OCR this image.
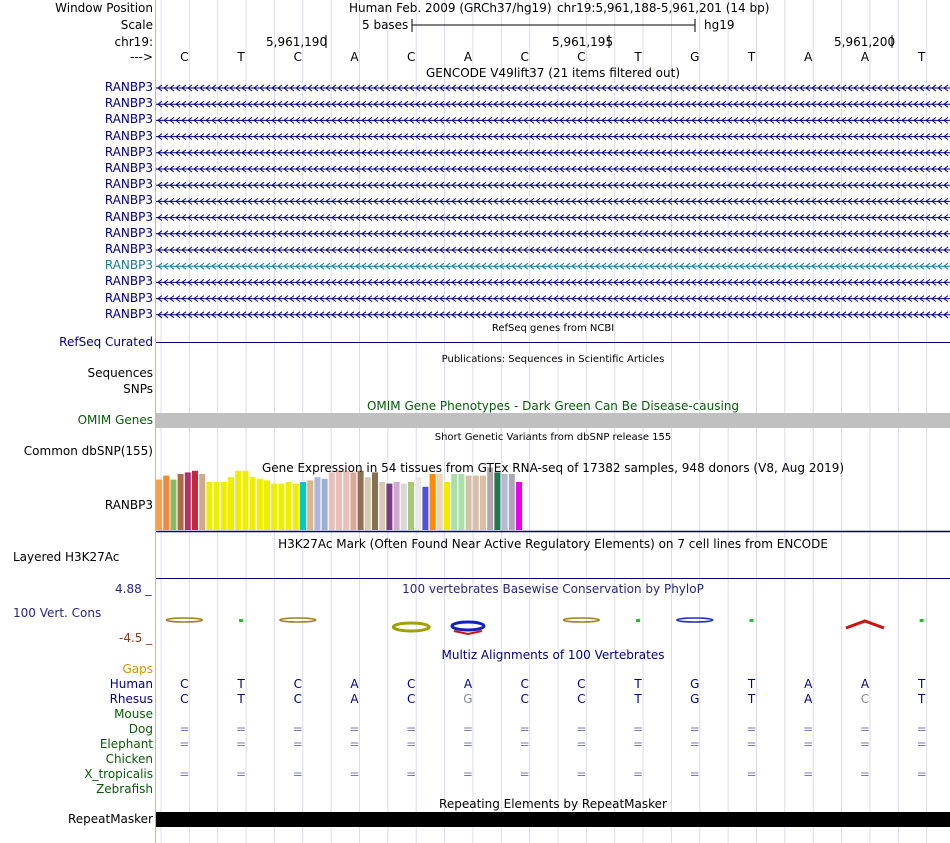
Window Position	Human Feb. 2009 (GRCh37/hg19) chr19:5,961,188-5,961,201 (14 bp)
Scale	5 bases	hg19
chr19:	5,961,190	5,961,195	5,961,200
--->	C	T	C	A	C	A	C	C	T	G	T	A	A	T
GENCODE V49lift37 (21 items filtered out)
RANBP3
RANBP3
RANBP3
RANBP3
RANBP3
RANBP3
RANBP3
RANBP3
RANBP3
RANBP3
RANBP3
RANBP3
RANBP3
RANBP3
RANBP3
RefSeq genes from NCBI
RefSeq Curated
Publications: Sequences in Scientific Articles
Sequences
SNPs
OMIM Gene Phenotypes - Dark Green Can Be Disease-causing
OMIM Genes
Short Genetic Variants from dbSNP release 155
Common dbSNP(155)
Gene Expression in 54 tissues from GTEx RNA-seq of 17382 samples, 948 donors (V8, Aug 2019)
RANBP3
H3K27Ac Mark (Often Found Near Active Regulatory Elements) on 7 cell lines from ENCODE
Layered H3K27Ac
4.88 _	100 vertebrates Basewise Conservation by PhyloP
100 Vert. Cons
-4.5 _
Multiz Alignments of 100 Vertebrates
Gaps
Human	C	T	C	A	C	A	C	C	T	G	T	A	A	T
Rhesus	C	T	C	A	C	G	C	C	T	G	T	A	C	T
Mouse
Dog	=	=	=	=	=	=	=	=	=	=	=	=	=	=
Elephant	=	=	=	=	=	=	=	=	=	=	=	=	=	=
Chicken
X_tropicalis	=	=	=	=	=	=	=	=	=	=	=	=	=	=
Zebrafish
Repeating Elements by RepeatMasker
RepeatMasker
